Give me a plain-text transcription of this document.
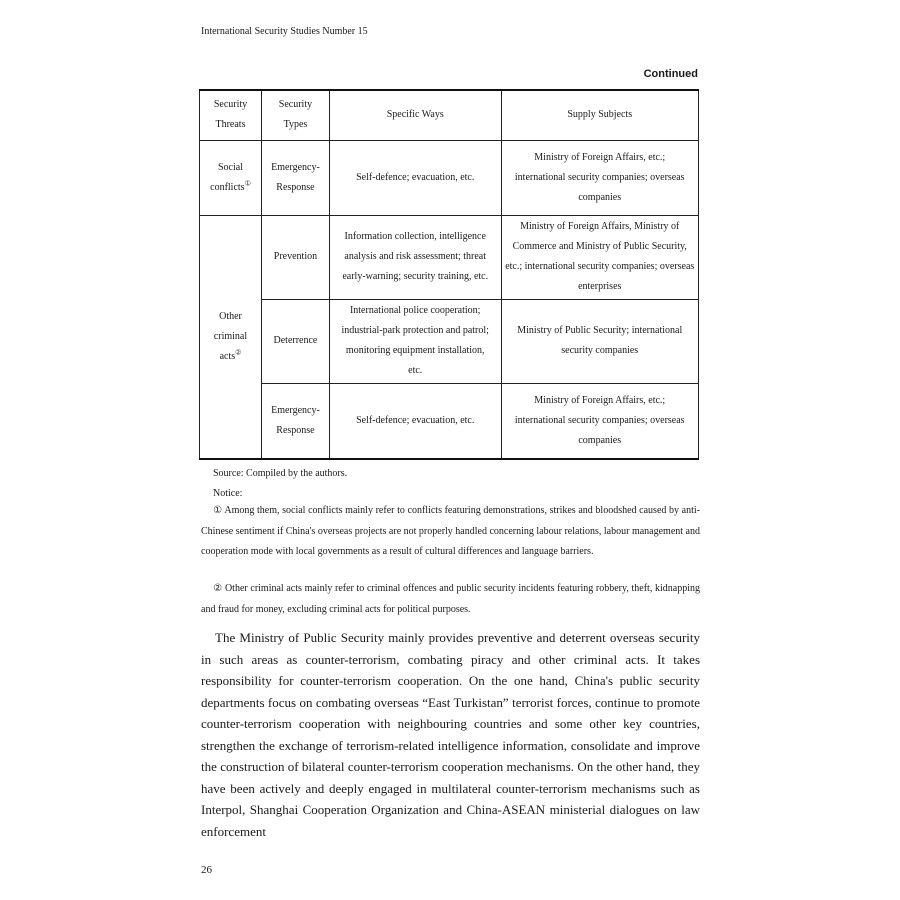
International Security Studies Number 15
Continued
Security Threats	Security Types	Specific Ways	Supply Subjects
Social conflicts①	Emergency-Response	Self-defence; evacuation, etc.	Ministry of Foreign Affairs, etc.; international security companies; overseas companies
Other criminal acts②	Prevention	Information collection, intelligence analysis and risk assessment; threat early-warning; security training, etc.	Ministry of Foreign Affairs, Ministry of Commerce and Ministry of Public Security, etc.; international security companies; overseas enterprises
	Deterrence	International police cooperation; industrial-park protection and patrol; monitoring equipment installation, etc.	Ministry of Public Security; international security companies
	Emergency-Response	Self-defence; evacuation, etc.	Ministry of Foreign Affairs, etc.; international security companies; overseas companies
Source: Compiled by the authors.
Notice:
① Among them, social conflicts mainly refer to conflicts featuring demonstrations, strikes and bloodshed caused by anti-Chinese sentiment if China's overseas projects are not properly handled concerning labour relations, labour management and cooperation mode with local governments as a result of cultural differences and language barriers.
② Other criminal acts mainly refer to criminal offences and public security incidents featuring robbery, theft, kidnapping and fraud for money, excluding criminal acts for political purposes.
The Ministry of Public Security mainly provides preventive and deterrent overseas security in such areas as counter-terrorism, combating piracy and other criminal acts. It takes responsibility for counter-terrorism cooperation. On the one hand, China's public security departments focus on combating overseas “East Turkistan” terrorist forces, continue to promote counter-terrorism cooperation with neighbouring countries and some other key countries, strengthen the exchange of terrorism-related intelligence information, consolidate and improve the construction of bilateral counter-terrorism cooperation mechanisms. On the other hand, they have been actively and deeply engaged in multilateral counter-terrorism mechanisms such as Interpol, Shanghai Cooperation Organization and China-ASEAN ministerial dialogues on law enforcement
26
